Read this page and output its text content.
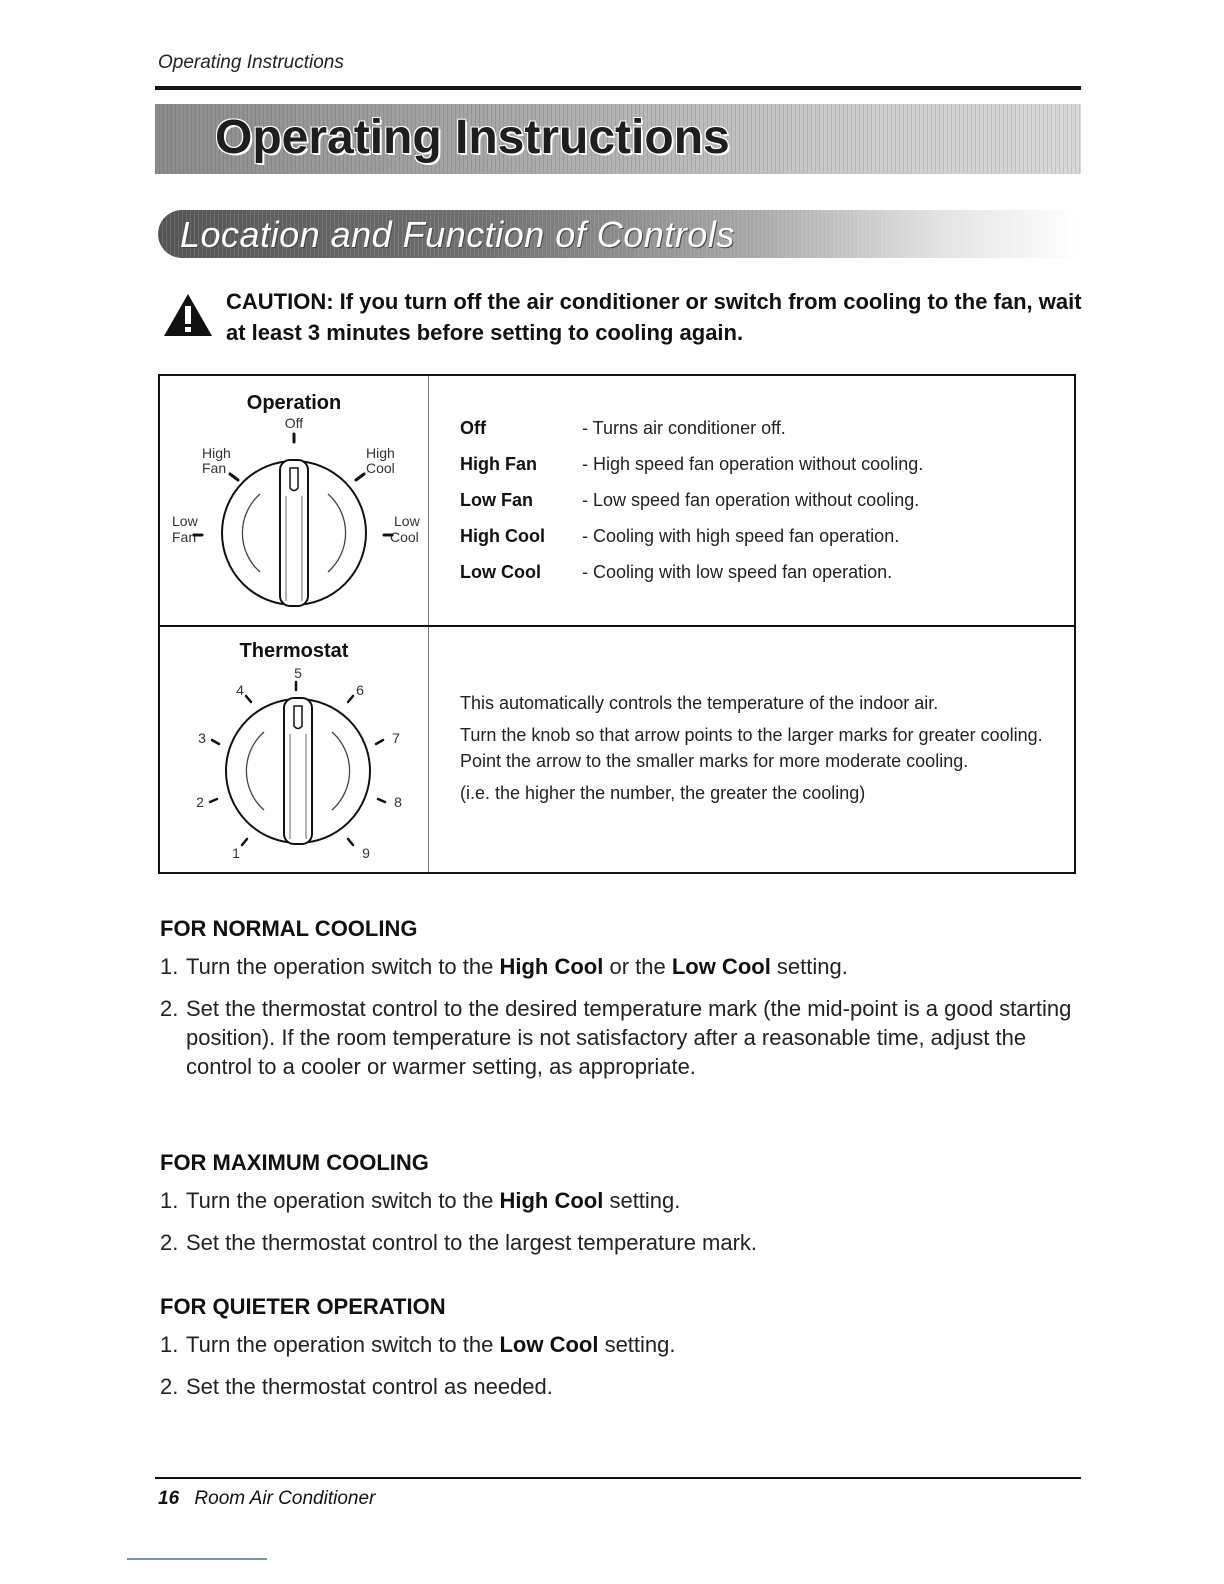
Operating Instructions
Operating Instructions
Location and Function of Controls
CAUTION: If you turn off the air conditioner or switch from cooling to the fan, wait at least 3 minutes before setting to cooling again.
Operation
Off
High
Fan
High
Cool
Low
Fan
Low
Cool
Off	- Turns air conditioner off.
High Fan	- High speed fan operation without cooling.
Low Fan	- Low speed fan operation without cooling.
High Cool	- Cooling with high speed fan operation.
Low Cool	- Cooling with low speed fan operation.
Thermostat
1
2
3
4
5
6
7
8
9

This automatically controls the temperature of the indoor air.

Turn the knob so that arrow points to the larger marks for greater cooling. Point the arrow to the smaller marks for more moderate cooling.

(i.e. the higher the number, the greater the cooling)

FOR NORMAL COOLING
1. Turn the operation switch to the High Cool or the Low Cool setting.
2. Set the thermostat control to the desired temperature mark (the mid-point is a good starting position). If the room temperature is not satisfactory after a reasonable time, adjust the control to a cooler or warmer setting, as appropriate.
FOR MAXIMUM COOLING
1. Turn the operation switch to the High Cool setting.
2. Set the thermostat control to the largest temperature mark.
FOR QUIETER OPERATION
1. Turn the operation switch to the Low Cool setting.
2. Set the thermostat control as needed.
16 Room Air Conditioner
